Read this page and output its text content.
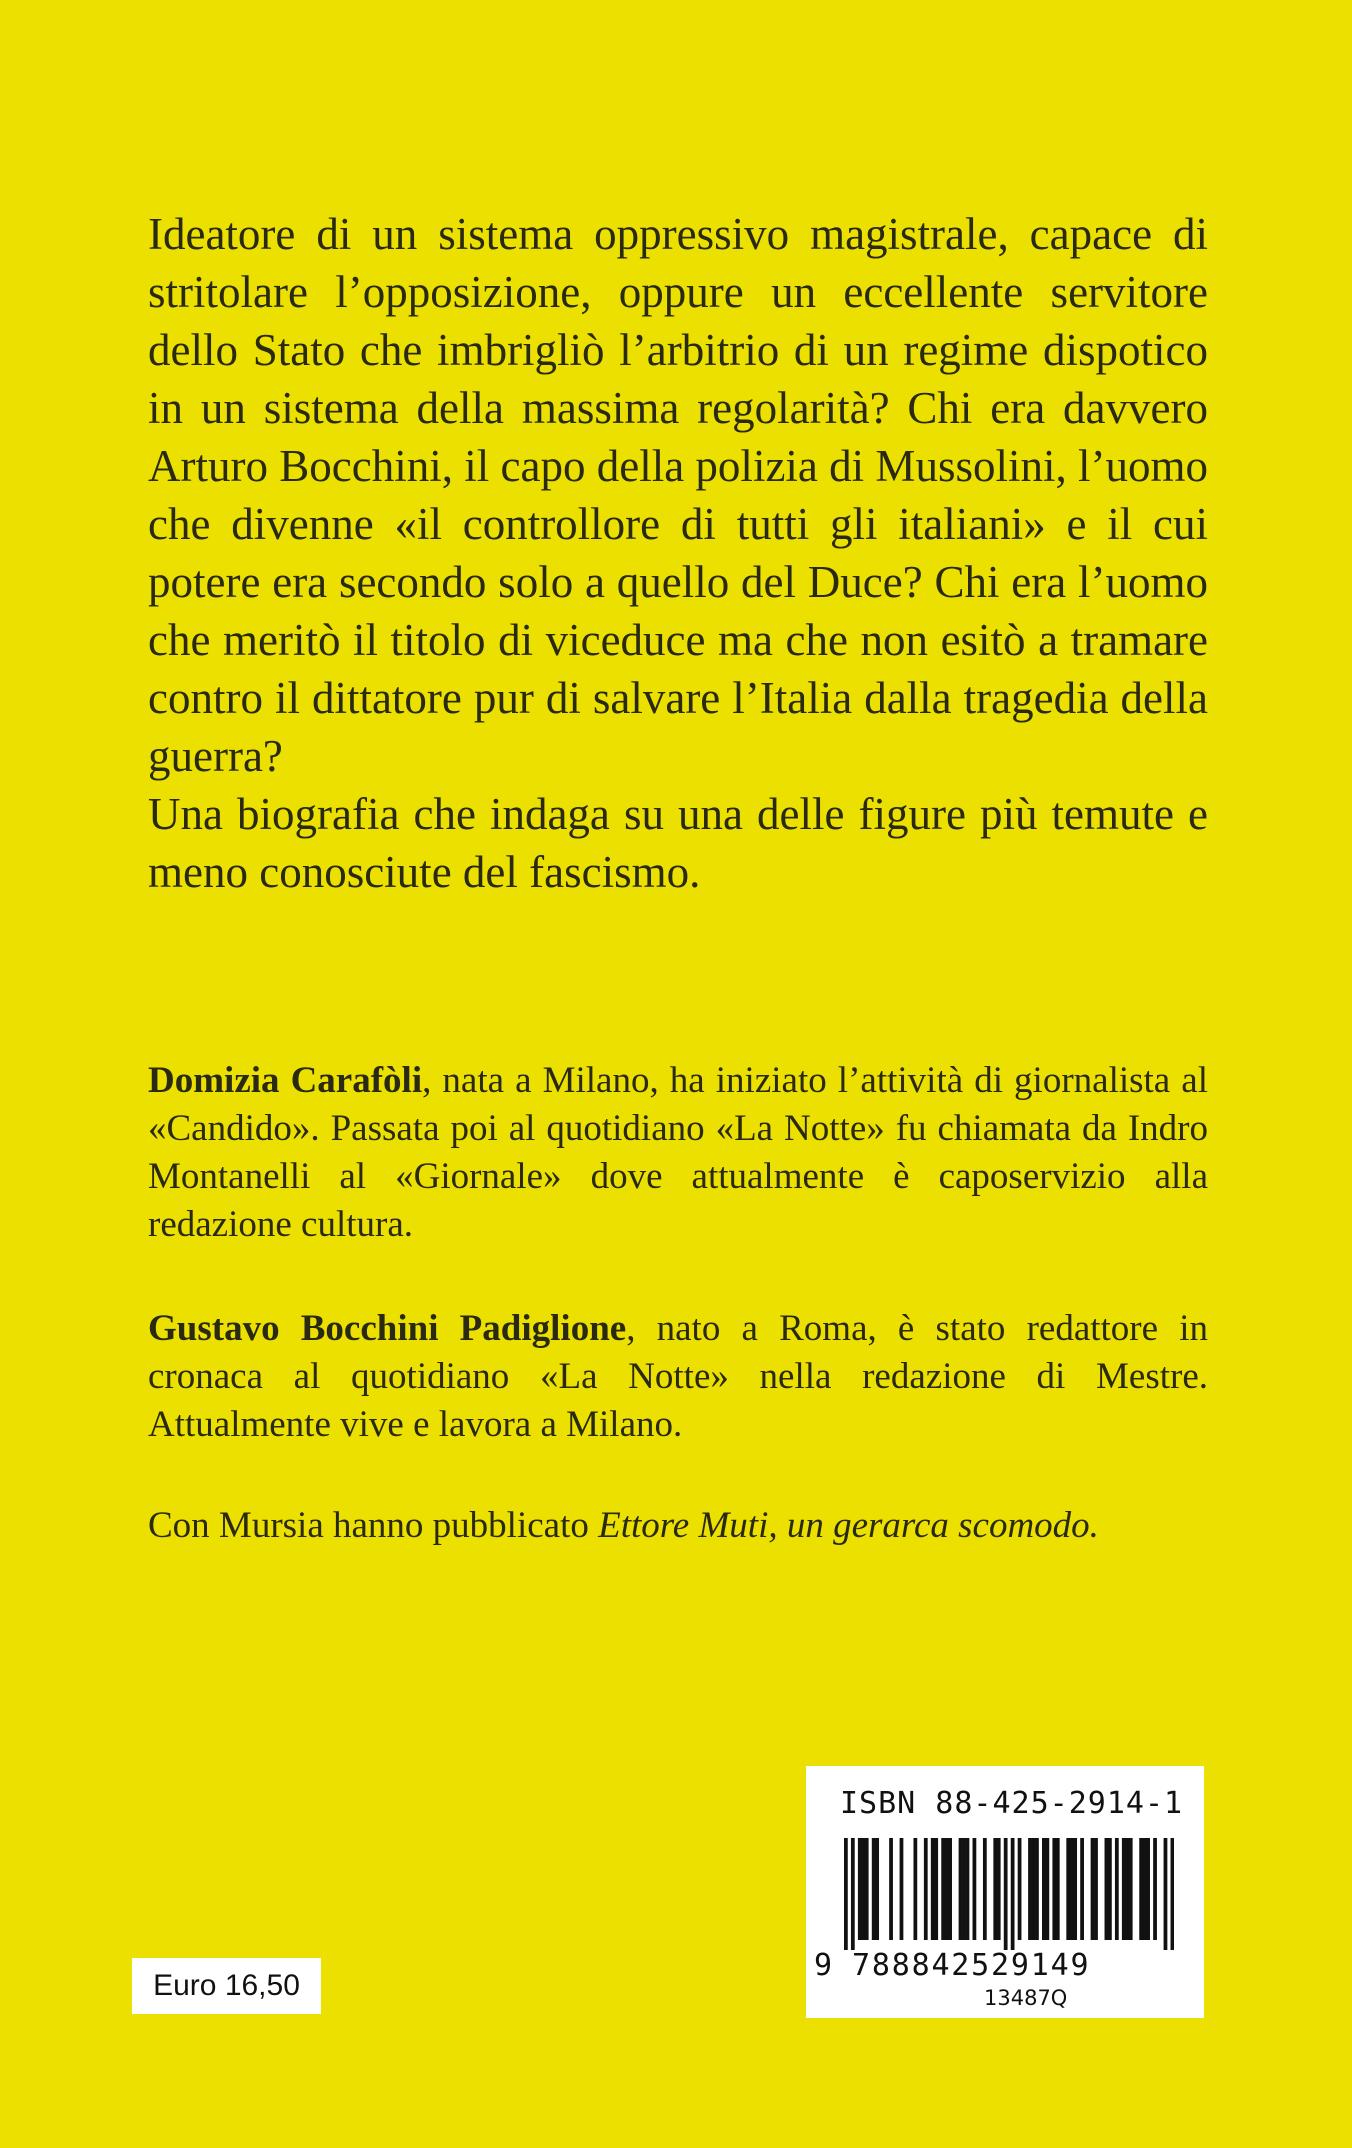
Ideatore di un sistema oppressivo magistrale, capace di stritolare l’opposizione, oppure un eccellente servitore dello Stato che imbrigliò l’arbitrio di un regime dispotico in un sistema della massima regolarità? Chi era davvero Arturo Bocchini, il capo della polizia di Mussolini, l’uomo che divenne «il controllore di tutti gli italiani» e il cui potere era secondo solo a quello del Duce? Chi era l’uomo che meritò il titolo di viceduce ma che non esitò a tramare contro il dittatore pur di salvare l’Italia dalla tragedia della guerra?

Una biografia che indaga su una delle figure più temute e meno conosciute del fascismo.

Domizia Carafòli, nata a Milano, ha iniziato l’attività di giornalista al «Candido». Passata poi al quotidiano «La Notte» fu chiamata da Indro Montanelli al «Giornale» dove attualmente è caposervizio alla redazione cultura.

Gustavo Bocchini Padiglione, nato a Roma, è stato redattore in cronaca al quotidiano «La Notte» nella redazione di Mestre. Attualmente vive e lavora a Milano.

Con Mursia hanno pubblicato Ettore Muti, un gerarca scomodo.

ISBN 88-425-2914-1
9 788842529149
13487Q
Euro 16,50
